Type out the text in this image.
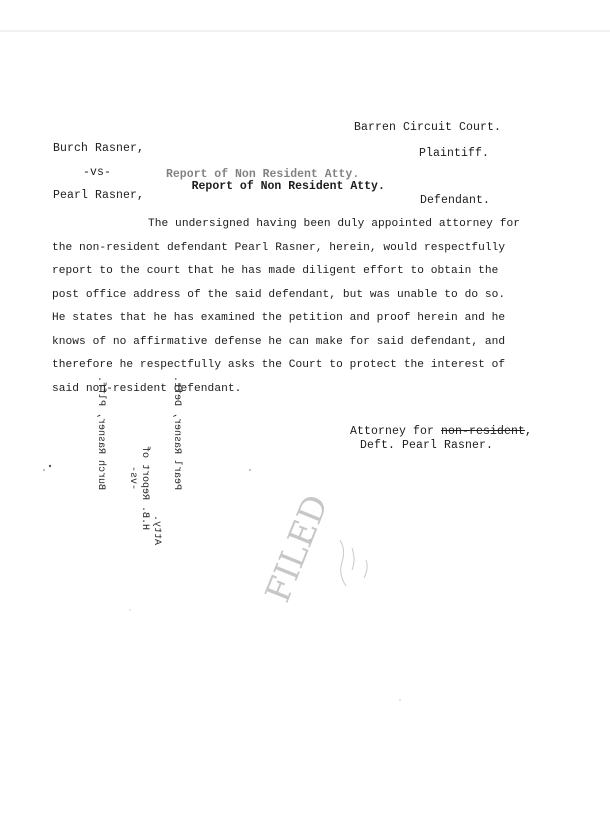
Barren Circuit Court.
Burch Rasner,	Plaintiff.
-vs-

Report of Non Resident Atty.

Report of Non Resident Atty.

Pearl Rasner,	Defendant.
The undersigned having been duly appointed attorney for
the non-resident defendant Pearl Rasner, herein, would respectfully
report to the court that he has made diligent effort to obtain the
post office address of the said defendant, but was unable to do so.
He states that he has examined the petition and proof herein and he
knows of no affirmative defense he can make for said defendant, and
therefore he respectfully asks the Court to protect the interest of
said non-resident defendant.
Attorney for non-resident,
Deft. Pearl Rasner.
Burch Rasner, Plff. -vs- H.B. Report of Atty.
Pearl Rasner, Deft.
FILED
